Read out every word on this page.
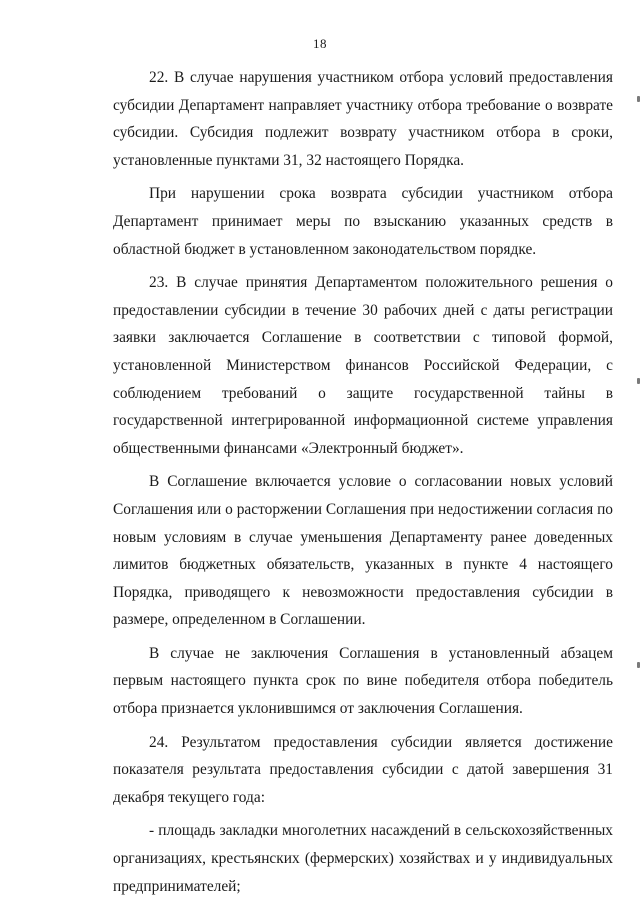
18

22. В случае нарушения участником отбора условий предоставления субсидии Департамент направляет участнику отбора требование о возврате субсидии. Субсидия подлежит возврату участником отбора в сроки, установленные пунктами 31, 32 настоящего Порядка.

При нарушении срока возврата субсидии участником отбора Департамент принимает меры по взысканию указанных средств в областной бюджет в установленном законодательством порядке.

23. В случае принятия Департаментом положительного решения о предоставлении субсидии в течение 30 рабочих дней с даты регистрации заявки заключается Соглашение в соответствии с типовой формой, установленной Министерством финансов Российской Федерации, с соблюдением требований о защите государственной тайны в государственной интегрированной информационной системе управления общественными финансами «Электронный бюджет».

В Соглашение включается условие о согласовании новых условий Соглашения или о расторжении Соглашения при недостижении согласия по новым условиям в случае уменьшения Департаменту ранее доведенных лимитов бюджетных обязательств, указанных в пункте 4 настоящего Порядка, приводящего к невозможности предоставления субсидии в размере, определенном в Соглашении.

В случае не заключения Соглашения в установленный абзацем первым настоящего пункта срок по вине победителя отбора победитель отбора признается уклонившимся от заключения Соглашения.

24. Результатом предоставления субсидии является достижение показателя результата предоставления субсидии с датой завершения 31 декабря текущего года:

- площадь закладки многолетних насаждений в сельскохозяйственных организациях, крестьянских (фермерских) хозяйствах и у индивидуальных предпринимателей;
